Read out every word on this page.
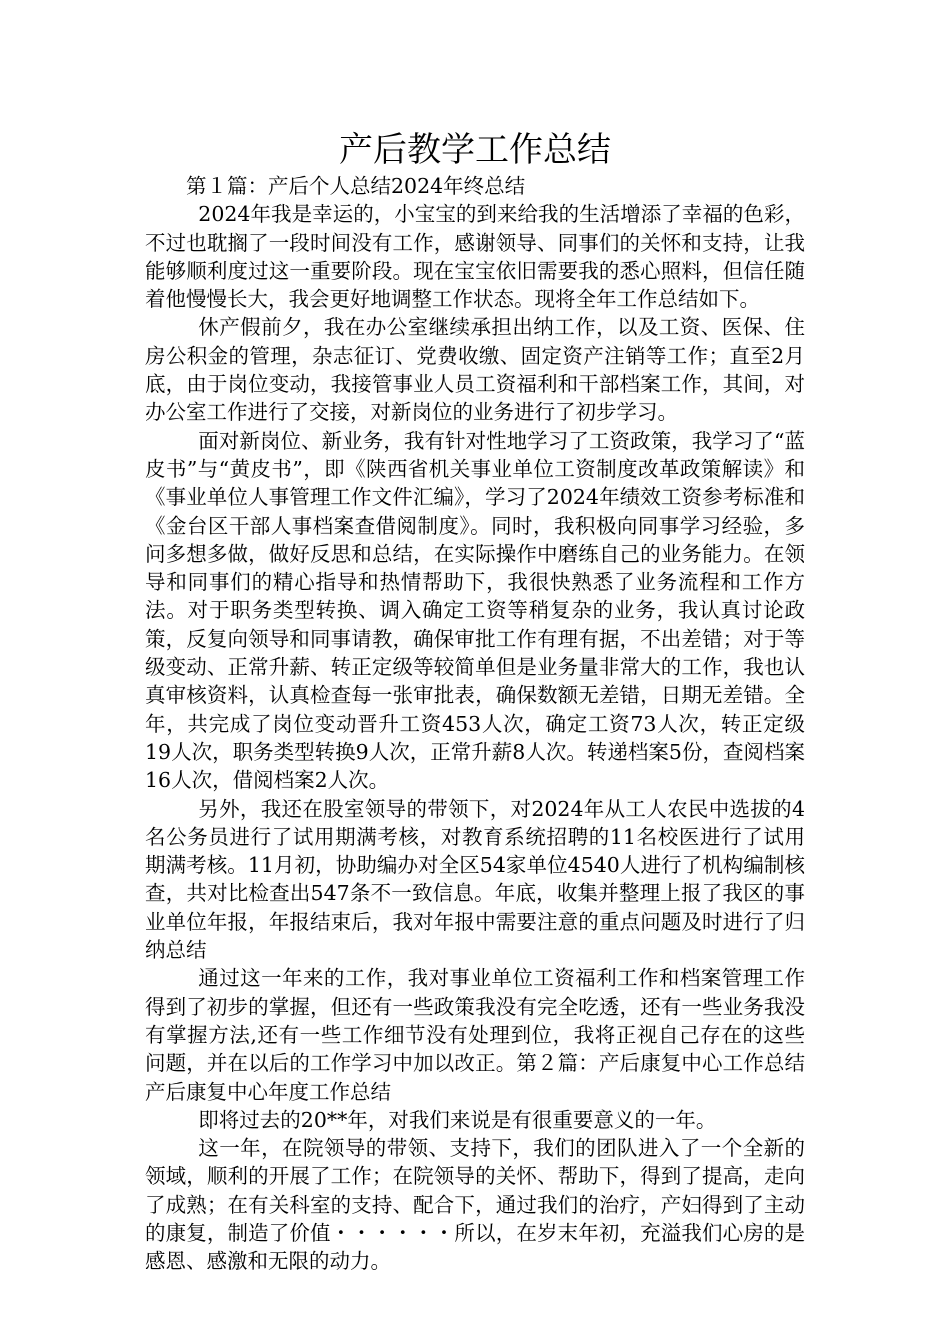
产后教学工作总结

第１篇：产后个人总结2024年终总结

2024年我是幸运的，小宝宝的到来给我的生活增添了幸福的色彩，不过也耽搁了一段时间没有工作，感谢领导、同事们的关怀和支持，让我能够顺利度过这一重要阶段。现在宝宝依旧需要我的悉心照料，但信任随着他慢慢长大，我会更好地调整工作状态。现将全年工作总结如下。

休产假前夕，我在办公室继续承担出纳工作，以及工资、医保、住房公积金的管理，杂志征订、党费收缴、固定资产注销等工作；直至2月底，由于岗位变动，我接管事业人员工资福利和干部档案工作，其间，对办公室工作进行了交接，对新岗位的业务进行了初步学习。

面对新岗位、新业务，我有针对性地学习了工资政策，我学习了“蓝皮书”与“黄皮书”，即《陕西省机关事业单位工资制度改革政策解读》和《事业单位人事管理工作文件汇编》，学习了2024年绩效工资参考标准和《金台区干部人事档案查借阅制度》。同时，我积极向同事学习经验，多问多想多做，做好反思和总结，在实际操作中磨练自己的业务能力。在领导和同事们的精心指导和热情帮助下，我很快熟悉了业务流程和工作方法。对于职务类型转换、调入确定工资等稍复杂的业务，我认真讨论政策，反复向领导和同事请教，确保审批工作有理有据，不出差错；对于等级变动、正常升薪、转正定级等较简单但是业务量非常大的工作，我也认真审核资料，认真检查每一张审批表，确保数额无差错，日期无差错。全年，共完成了岗位变动晋升工资453人次，确定工资73人次，转正定级19人次，职务类型转换9人次，正常升薪8人次。转递档案5份，查阅档案16人次，借阅档案2人次。

另外，我还在股室领导的带领下，对2024年从工人农民中选拔的4名公务员进行了试用期满考核，对教育系统招聘的11名校医进行了试用期满考核。11月初，协助编办对全区54家单位4540人进行了机构编制核查，共对比检查出547条不一致信息。年底，收集并整理上报了我区的事业单位年报，年报结束后，我对年报中需要注意的重点问题及时进行了归纳总结

通过这一年来的工作，我对事业单位工资福利工作和档案管理工作得到了初步的掌握，但还有一些政策我没有完全吃透，还有一些业务我没有掌握方法,还有一些工作细节没有处理到位，我将正视自己存在的这些问题，并在以后的工作学习中加以改正。第２篇：产后康复中心工作总结产后康复中心年度工作总结

即将过去的20**年，对我们来说是有很重要意义的一年。

这一年，在院领导的带领、支持下，我们的团队进入了一个全新的领域，顺利的开展了工作；在院领导的关怀、帮助下，得到了提高，走向了成熟；在有关科室的支持、配合下，通过我们的治疗，产妇得到了主动的康复，制造了价值・・・・・・所以，在岁末年初，充溢我们心房的是感恩、感激和无限的动力。
